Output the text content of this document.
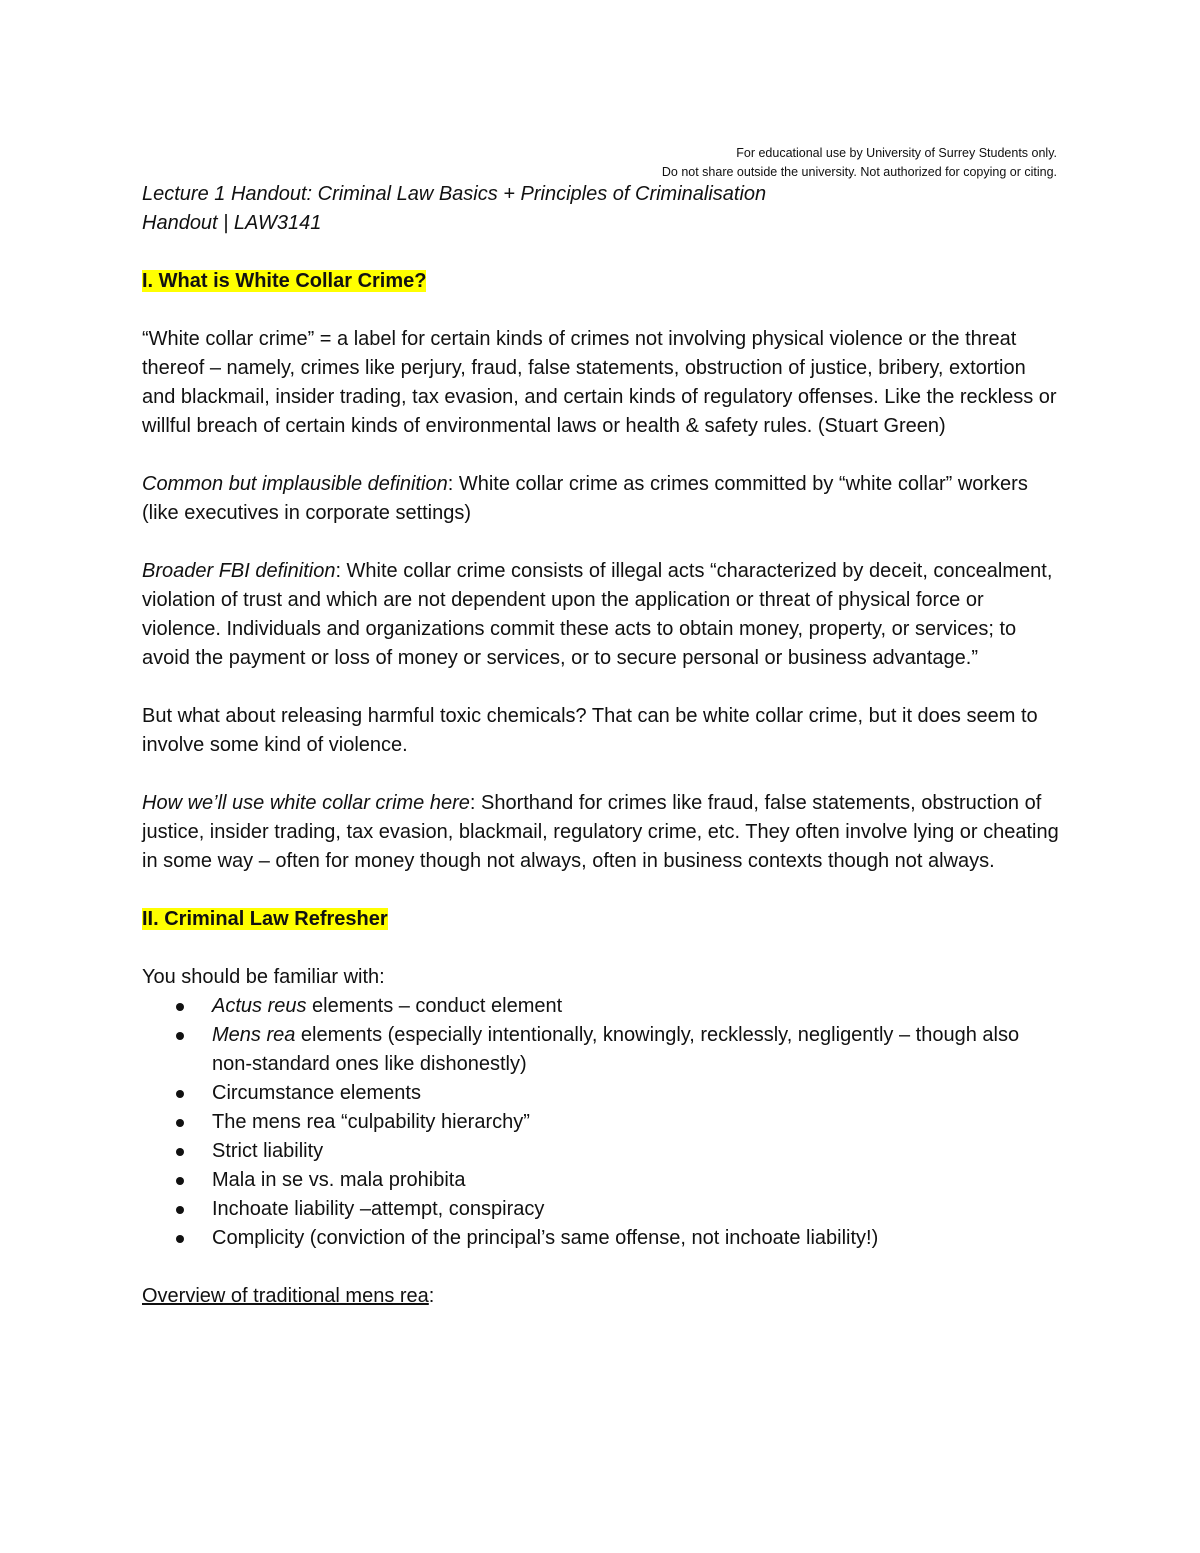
For educational use by University of Surrey Students only.
Do not share outside the university. Not authorized for copying or citing.

Lecture 1 Handout: Criminal Law Basics + Principles of Criminalisation

Handout | LAW3141

I. What is White Collar Crime?

“White collar crime” = a label for certain kinds of crimes not involving physical violence or the threat thereof – namely, crimes like perjury, fraud, false statements, obstruction of justice, bribery, extortion and blackmail, insider trading, tax evasion, and certain kinds of regulatory offenses. Like the reckless or willful breach of certain kinds of environmental laws or health & safety rules. (Stuart Green)

Common but implausible definition: White collar crime as crimes committed by “white collar” workers (like executives in corporate settings)

Broader FBI definition: White collar crime consists of illegal acts “characterized by deceit, concealment, violation of trust and which are not dependent upon the application or threat of physical force or violence. Individuals and organizations commit these acts to obtain money, property, or services; to avoid the payment or loss of money or services, or to secure personal or business advantage.”

But what about releasing harmful toxic chemicals? That can be white collar crime, but it does seem to involve some kind of violence.

How we’ll use white collar crime here: Shorthand for crimes like fraud, false statements, obstruction of justice, insider trading, tax evasion, blackmail, regulatory crime, etc. They often involve lying or cheating in some way – often for money though not always, often in business contexts though not always.

II. Criminal Law Refresher

You should be familiar with:

Actus reus elements – conduct element
Mens rea elements (especially intentionally, knowingly, recklessly, negligently – though also non-standard ones like dishonestly)
Circumstance elements
The mens rea “culpability hierarchy”
Strict liability
Mala in se vs. mala prohibita
Inchoate liability –attempt, conspiracy
Complicity (conviction of the principal’s same offense, not inchoate liability!)

Overview of traditional mens rea:
